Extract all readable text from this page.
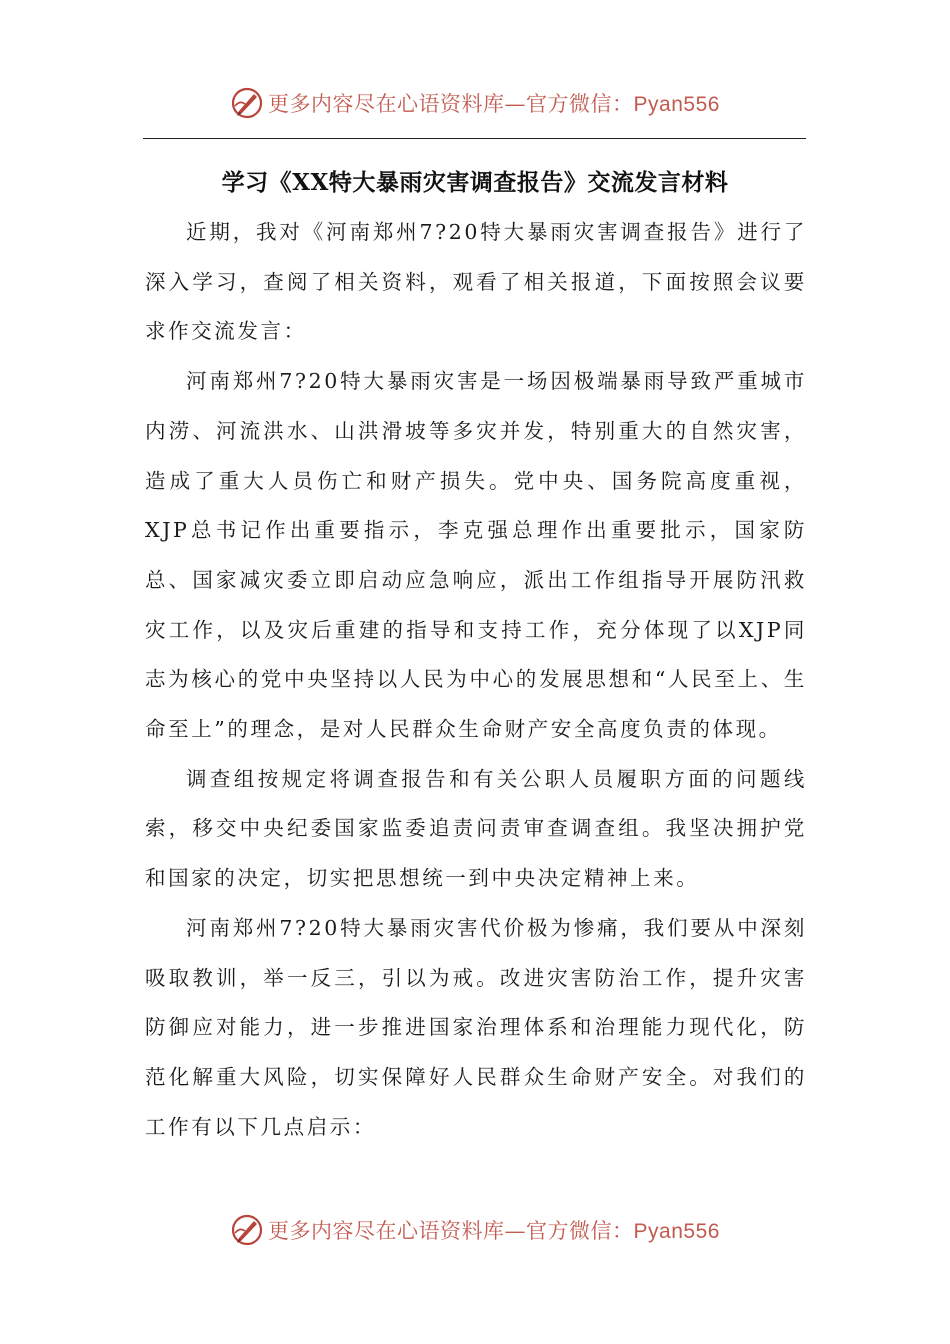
更多内容尽在心语资料库—官方微信：Pyan556
学习《XX特大暴雨灾害调查报告》交流发言材料

近期，我对《河南郑州7?20特大暴雨灾害调查报告》进行了深入学习，查阅了相关资料，观看了相关报道，下面按照会议要求作交流发言：

河南郑州7?20特大暴雨灾害是一场因极端暴雨导致严重城市内涝、河流洪水、山洪滑坡等多灾并发，特别重大的自然灾害，造成了重大人员伤亡和财产损失。党中央、国务院高度重视，XJP总书记作出重要指示，李克强总理作出重要批示，国家防总、国家减灾委立即启动应急响应，派出工作组指导开展防汛救灾工作，以及灾后重建的指导和支持工作，充分体现了以XJP同志为核心的党中央坚持以人民为中心的发展思想和“人民至上、生命至上”的理念，是对人民群众生命财产安全高度负责的体现。

调查组按规定将调查报告和有关公职人员履职方面的问题线索，移交中央纪委国家监委追责问责审查调查组。我坚决拥护党和国家的决定，切实把思想统一到中央决定精神上来。

河南郑州7?20特大暴雨灾害代价极为惨痛，我们要从中深刻吸取教训，举一反三，引以为戒。改进灾害防治工作，提升灾害防御应对能力，进一步推进国家治理体系和治理能力现代化，防范化解重大风险，切实保障好人民群众生命财产安全。对我们的工作有以下几点启示：

更多内容尽在心语资料库—官方微信：Pyan556
